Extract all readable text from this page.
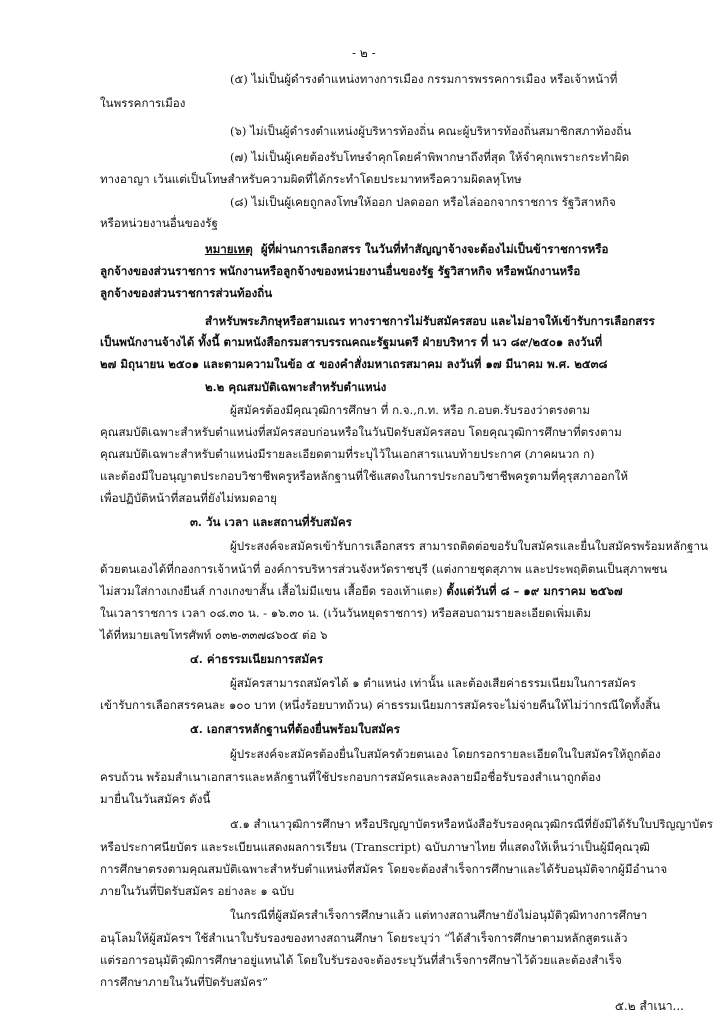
- ๒ -
(๕) ไม่เป็นผู้ดำรงตำแหน่งทางการเมือง กรรมการพรรคการเมือง หรือเจ้าหน้าที่
ในพรรคการเมือง
(๖) ไม่เป็นผู้ดำรงตำแหน่งผู้บริหารท้องถิ่น คณะผู้บริหารท้องถิ่นสมาชิกสภาท้องถิ่น
(๗) ไม่เป็นผู้เคยต้องรับโทษจำคุกโดยคำพิพากษาถึงที่สุด ให้จำคุกเพราะกระทำผิด
ทางอาญา เว้นแต่เป็นโทษสำหรับความผิดที่ได้กระทำโดยประมาทหรือความผิดลหุโทษ
(๘) ไม่เป็นผู้เคยถูกลงโทษให้ออก ปลดออก หรือไล่ออกจากราชการ รัฐวิสาหกิจ
หรือหน่วยงานอื่นของรัฐ
หมายเหตุ ผู้ที่ผ่านการเลือกสรร ในวันที่ทำสัญญาจ้างจะต้องไม่เป็นข้าราชการหรือ
ลูกจ้างของส่วนราชการ พนักงานหรือลูกจ้างของหน่วยงานอื่นของรัฐ รัฐวิสาหกิจ หรือพนักงานหรือ
ลูกจ้างของส่วนราชการส่วนท้องถิ่น
สำหรับพระภิกษุหรือสามเณร ทางราชการไม่รับสมัครสอบ และไม่อาจให้เข้ารับการเลือกสรร
เป็นพนักงานจ้างได้ ทั้งนี้ ตามหนังสือกรมสารบรรณคณะรัฐมนตรี ฝ่ายบริหาร ที่ นว ๘๙/๒๕๐๑ ลงวันที่
๒๗ มิถุนายน ๒๕๐๑ และตามความในข้อ ๕ ของคำสั่งมหาเถรสมาคม ลงวันที่ ๑๗ มีนาคม พ.ศ. ๒๕๓๘
๒.๒ คุณสมบัติเฉพาะสำหรับตำแหน่ง
ผู้สมัครต้องมีคุณวุฒิการศึกษา ที่ ก.จ.,ก.ท. หรือ ก.อบต.รับรองว่าตรงตาม
คุณสมบัติเฉพาะสำหรับตำแหน่งที่สมัครสอบก่อนหรือในวันปิดรับสมัครสอบ โดยคุณวุฒิการศึกษาที่ตรงตาม
คุณสมบัติเฉพาะสำหรับตำแหน่งมีรายละเอียดตามที่ระบุไว้ในเอกสารแนบท้ายประกาศ (ภาคผนวก ก)
และต้องมีใบอนุญาตประกอบวิชาชีพครูหรือหลักฐานที่ใช้แสดงในการประกอบวิชาชีพครูตามที่คุรุสภาออกให้
เพื่อปฏิบัติหน้าที่สอนที่ยังไม่หมดอายุ
๓. วัน เวลา และสถานที่รับสมัคร
ผู้ประสงค์จะสมัครเข้ารับการเลือกสรร สามารถติดต่อขอรับใบสมัครและยื่นใบสมัครพร้อมหลักฐาน
ด้วยตนเองได้ที่กองการเจ้าหน้าที่ องค์การบริหารส่วนจังหวัดราชบุรี (แต่งกายชุดสุภาพ และประพฤติตนเป็นสุภาพชน
ไม่สวมใส่กางเกงยีนส์ กางเกงขาสั้น เสื้อไม่มีแขน เสื้อยืด รองเท้าแตะ) ตั้งแต่วันที่ ๘ – ๑๙ มกราคม ๒๕๖๗
ในเวลาราชการ เวลา ๐๘.๓๐ น. - ๑๖.๓๐ น. (เว้นวันหยุดราชการ) หรือสอบถามรายละเอียดเพิ่มเติม
ได้ที่หมายเลขโทรศัพท์ ๐๓๒-๓๓๗๘๖๐๕ ต่อ ๖
๔. ค่าธรรมเนียมการสมัคร
ผู้สมัครสามารถสมัครได้ ๑ ตำแหน่ง เท่านั้น และต้องเสียค่าธรรมเนียมในการสมัคร
เข้ารับการเลือกสรรคนละ ๑๐๐ บาท (หนึ่งร้อยบาทถ้วน) ค่าธรรมเนียมการสมัครจะไม่จ่ายคืนให้ไม่ว่ากรณีใดทั้งสิ้น
๕. เอกสารหลักฐานที่ต้องยื่นพร้อมใบสมัคร
ผู้ประสงค์จะสมัครต้องยื่นใบสมัครด้วยตนเอง โดยกรอกรายละเอียดในใบสมัครให้ถูกต้อง
ครบถ้วน พร้อมสำเนาเอกสารและหลักฐานที่ใช้ประกอบการสมัครและลงลายมือชื่อรับรองสำเนาถูกต้อง
มายื่นในวันสมัคร ดังนี้
๕.๑ สำเนาวุฒิการศึกษา หรือปริญญาบัตรหรือหนังสือรับรองคุณวุฒิกรณีที่ยังมิได้รับใบปริญญาบัตร
หรือประกาศนียบัตร และระเบียนแสดงผลการเรียน (Transcript) ฉบับภาษาไทย ที่แสดงให้เห็นว่าเป็นผู้มีคุณวุฒิ
การศึกษาตรงตามคุณสมบัติเฉพาะสำหรับตำแหน่งที่สมัคร โดยจะต้องสำเร็จการศึกษาและได้รับอนุมัติจากผู้มีอำนาจ
ภายในวันที่ปิดรับสมัคร อย่างละ ๑ ฉบับ
ในกรณีที่ผู้สมัครสำเร็จการศึกษาแล้ว แต่ทางสถานศึกษายังไม่อนุมัติวุฒิทางการศึกษา
อนุโลมให้ผู้สมัครฯ ใช้สำเนาใบรับรองของทางสถานศึกษา โดยระบุว่า “ได้สำเร็จการศึกษาตามหลักสูตรแล้ว
แต่รอการอนุมัติวุฒิการศึกษาอยู่แทนได้ โดยใบรับรองจะต้องระบุวันที่สำเร็จการศึกษาไว้ด้วยและต้องสำเร็จ
การศึกษาภายในวันที่ปิดรับสมัคร”
๕.๒ สำเนา...
